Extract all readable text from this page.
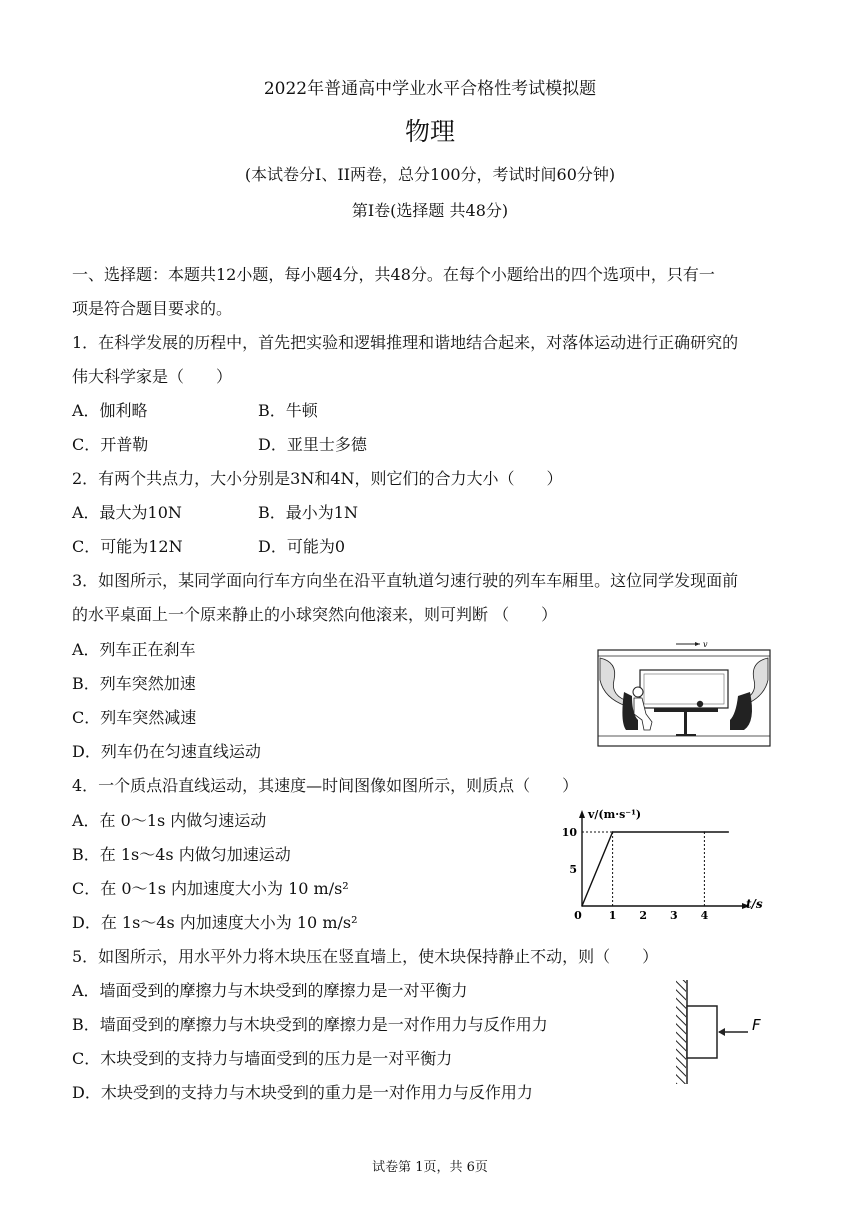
2022年普通高中学业水平合格性考试模拟题
物理
(本试卷分I、II两卷，总分100分，考试时间60分钟)
第I卷(选择题 共48分)
一、选择题：本题共12小题，每小题4分，共48分。在每个小题给出的四个选项中，只有一
项是符合题目要求的。
1．在科学发展的历程中，首先把实验和逻辑推理和谐地结合起来，对落体运动进行正确研究的
伟大科学家是（　　）
A．伽利略	B．牛顿
C．开普勒	D．亚里士多德
2．有两个共点力，大小分别是3N和4N，则它们的合力大小（　　）
A．最大为10N	B．最小为1N
C．可能为12N	D．可能为0
3．如图所示，某同学面向行车方向坐在沿平直轨道匀速行驶的列车车厢里。这位同学发现面前
的水平桌面上一个原来静止的小球突然向他滚来，则可判断 （　　）
A．列车正在刹车
B．列车突然加速
C．列车突然减速
D．列车仍在匀速直线运动
v
4．一个质点沿直线运动，其速度—时间图像如图所示，则质点（　　）
A．在 0～1s 内做匀速运动
B．在 1s～4s 内做匀加速运动
C．在 0～1s 内加速度大小为 10 m/s²
D．在 1s～4s 内加速度大小为 10 m/s²	0 1 2 3 4
5
10
v/(m·s⁻¹)
t/s
5．如图所示，用水平外力将木块压在竖直墙上，使木块保持静止不动，则（　　）
A．墙面受到的摩擦力与木块受到的摩擦力是一对平衡力
B．墙面受到的摩擦力与木块受到的摩擦力是一对作用力与反作用力
C．木块受到的支持力与墙面受到的压力是一对平衡力
D．木块受到的支持力与木块受到的重力是一对作用力与反作用力
F
试卷第 1页，共 6页
